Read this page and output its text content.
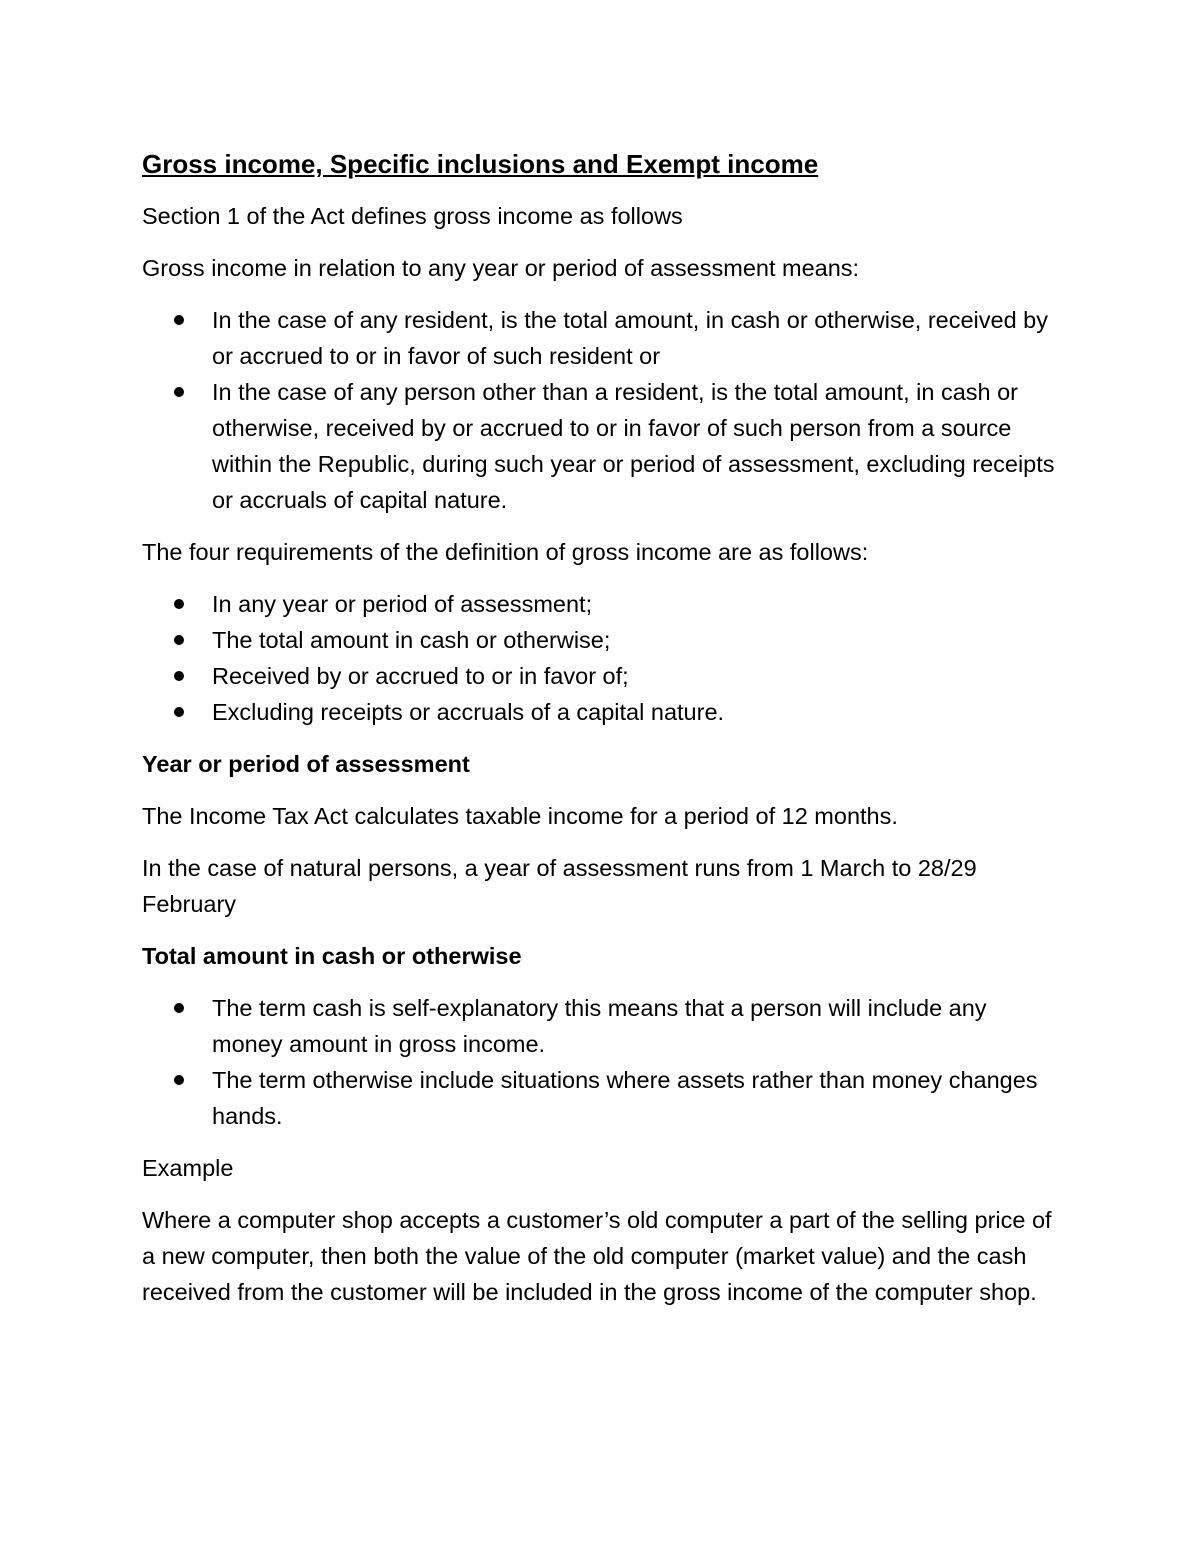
Gross income, Specific inclusions and Exempt income

Section 1 of the Act defines gross income as follows

Gross income in relation to any year or period of assessment means:

In the case of any resident, is the total amount, in cash or otherwise, received by or accrued to or in favor of such resident or
In the case of any person other than a resident, is the total amount, in cash or otherwise, received by or accrued to or in favor of such person from a source within the Republic, during such year or period of assessment, excluding receipts or accruals of capital nature.

The four requirements of the definition of gross income are as follows:

In any year or period of assessment;
The total amount in cash or otherwise;
Received by or accrued to or in favor of;
Excluding receipts or accruals of a capital nature.

Year or period of assessment

The Income Tax Act calculates taxable income for a period of 12 months.

In the case of natural persons, a year of assessment runs from 1 March to 28/29 February

Total amount in cash or otherwise

The term cash is self-explanatory this means that a person will include any money amount in gross income.
The term otherwise include situations where assets rather than money changes hands.

Example

Where a computer shop accepts a customer’s old computer a part of the selling price of a new computer, then both the value of the old computer (market value) and the cash received from the customer will be included in the gross income of the computer shop.
